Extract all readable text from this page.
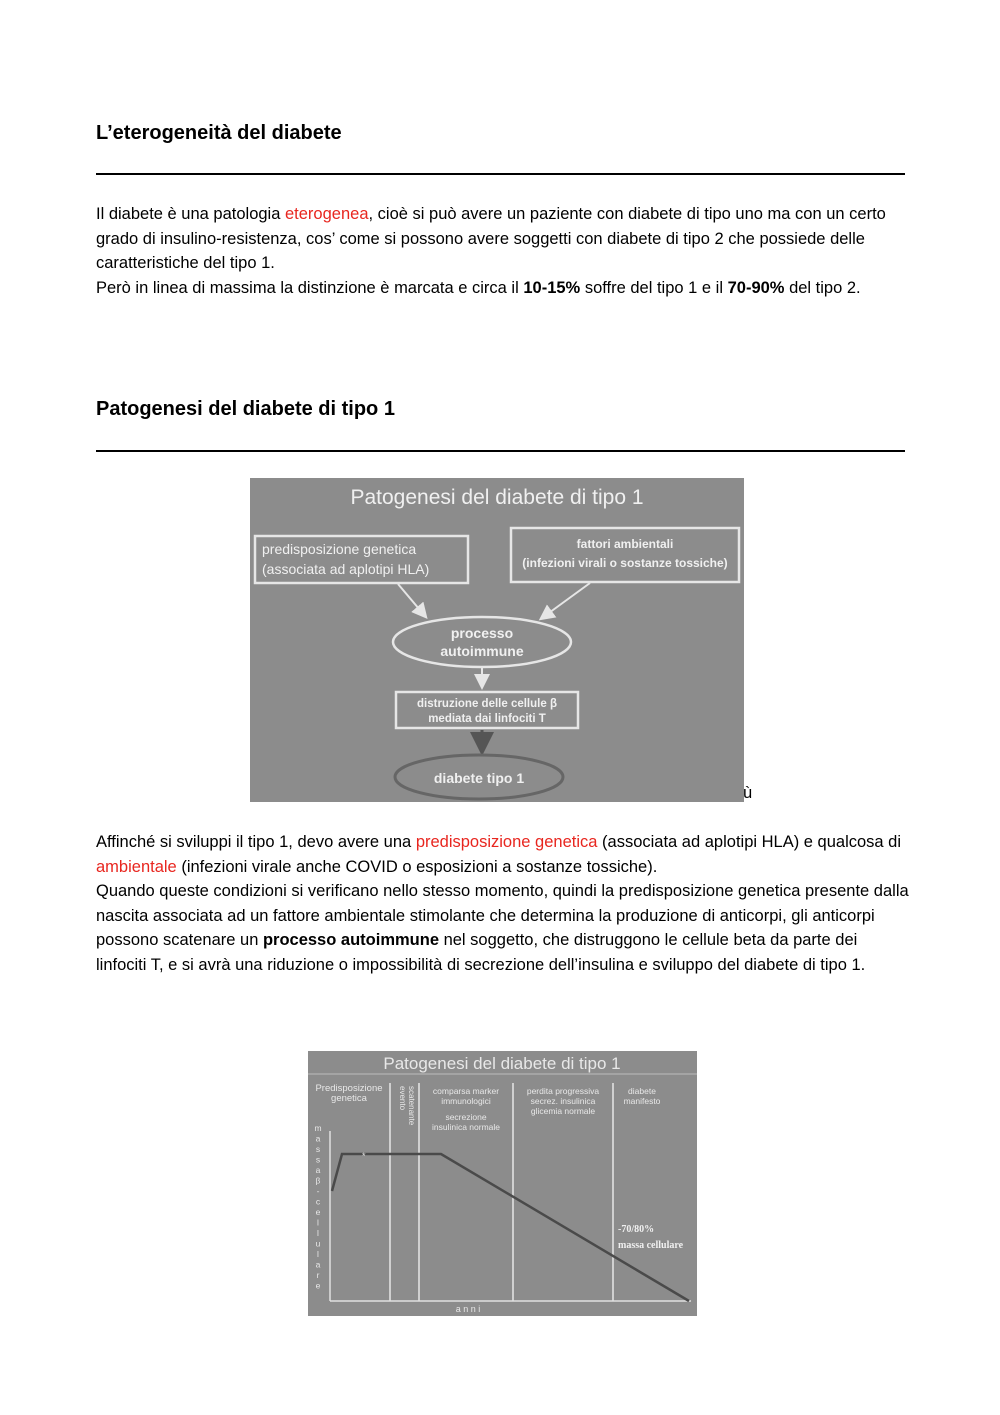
L’eterogeneità del diabete

Il diabete è una patologia eterogenea, cioè si può avere un paziente con diabete di tipo uno ma con un certo grado di insulino-resistenza, cos’ come si possono avere soggetti con diabete di tipo 2 che possiede delle caratteristiche del tipo 1.

Però in linea di massima la distinzione è marcata e circa il 10-15% soffre del tipo 1 e il 70-90% del tipo 2.

Patogenesi del diabete di tipo 1
Patogenesi del diabete di tipo 1
predisposizione genetica
(associata ad aplotipi HLA)
fattori ambientali
(infezioni virali o sostanze tossiche)
processo
autoimmune
distruzione delle cellule β
mediata dai linfociti T
diabete tipo 1
ù

Affinché si sviluppi il tipo 1, devo avere una predisposizione genetica (associata ad aplotipi HLA) e qualcosa di ambientale (infezioni virale anche COVID o esposizioni a sostanze tossiche).

Quando queste condizioni si verificano nello stesso momento, quindi la predisposizione genetica presente dalla nascita associata ad un fattore ambientale stimolante che determina la produzione di anticorpi, gli anticorpi possono scatenare un processo autoimmune nel soggetto, che distruggono le cellule beta da parte dei linfociti T, e si avrà una riduzione o impossibilità di secrezione dell’insulina e sviluppo del diabete di tipo 1.

Patogenesi del diabete di tipo 1
Predisposizione
genetica	evento scatenante comparsa marker
immunologici
secrezione
insulinica normale
perdita progressiva
secrez. insulinica
glicemia normale
diabete
manifesto
m
a
s
s
a
β
-
c
e
l
l
u
l
a
r
e
a n n i
*
-70/80%
massa cellulare
